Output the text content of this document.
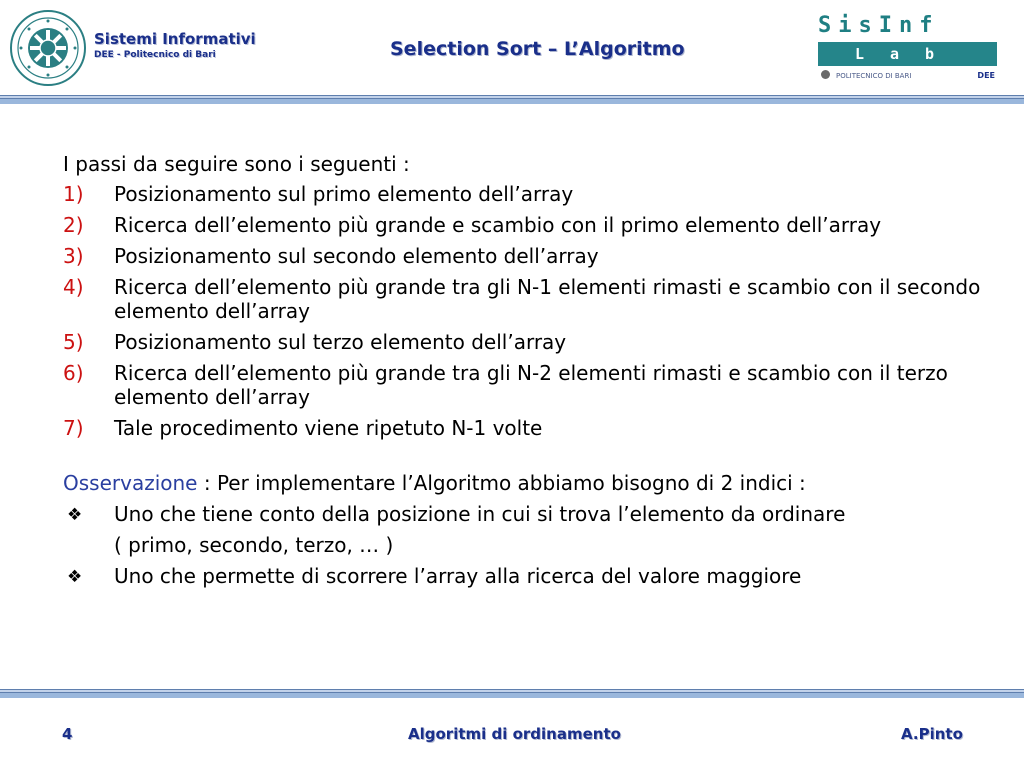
Sistemi Informativi
DEE - Politecnico di Bari	Selection Sort – L’Algoritmo
SisInf
Lab
POLITECNICO DI BARI	DEE

I passi da seguire sono i seguenti :

1) Posizionamento sul primo elemento dell’array
2) Ricerca dell’elemento più grande e scambio con il primo elemento dell’array
3) Posizionamento sul secondo elemento dell’array
4) Ricerca dell’elemento più grande tra gli N-1 elementi rimasti e scambio con il secondo elemento dell’array
5) Posizionamento sul terzo elemento dell’array
6) Ricerca dell’elemento più grande tra gli N-2 elementi rimasti e scambio con il terzo elemento dell’array
7) Tale procedimento viene ripetuto N-1 volte

Osservazione : Per implementare l’Algoritmo abbiamo bisogno di 2 indici :

❖ Uno che tiene conto della posizione in cui si trova l’elemento da ordinare
( primo, secondo, terzo, … )
❖ Uno che permette di scorrere l’array alla ricerca del valore maggiore
4	Algoritmi di ordinamento	A.Pinto
